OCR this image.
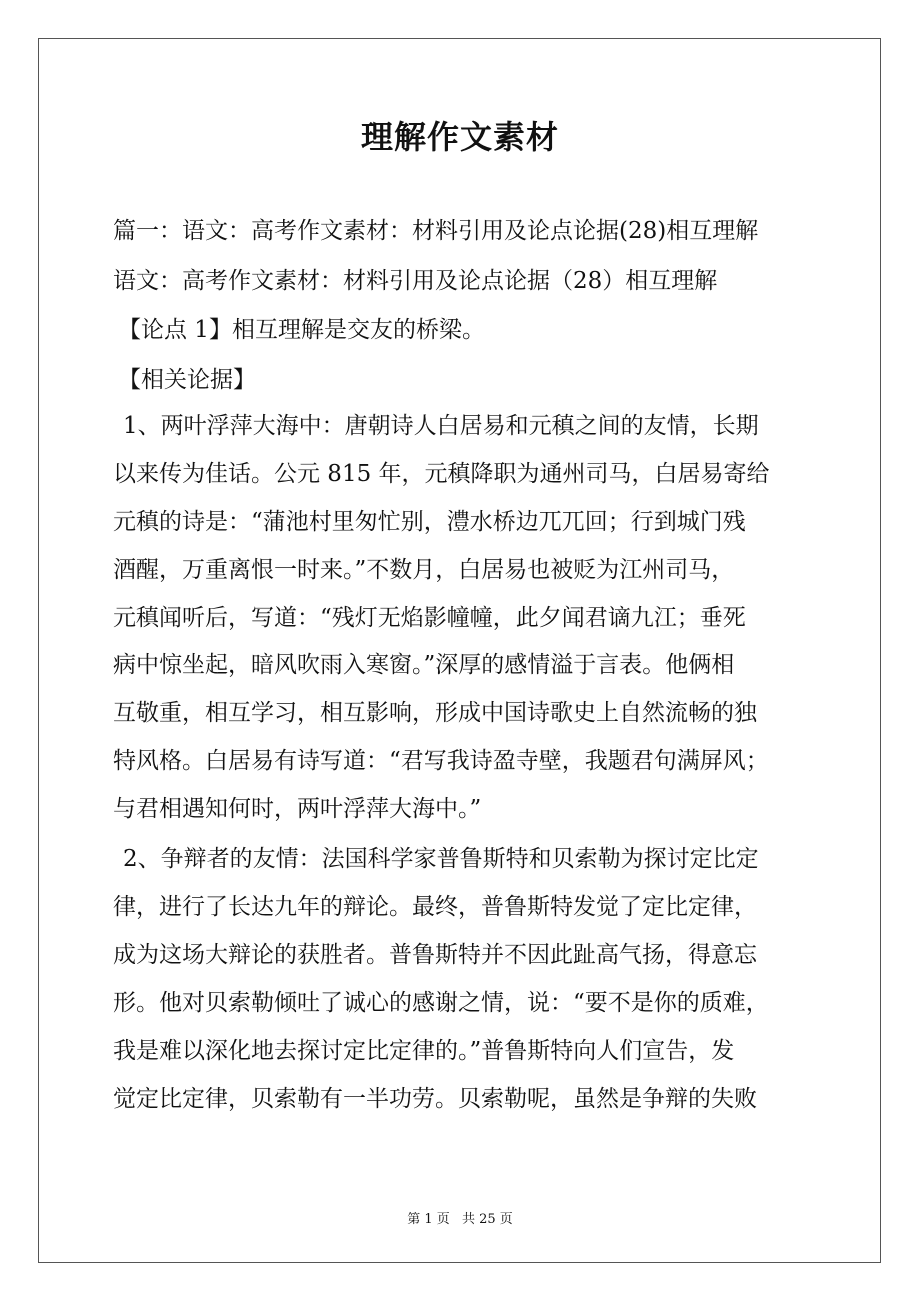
理解作文素材

篇一：语文：高考作文素材：材料引用及论点论据(28)相互理解

语文：高考作文素材：材料引用及论点论据（28）相互理解

【论点 1】相互理解是交友的桥梁。

【相关论据】

1、两叶浮萍大海中：唐朝诗人白居易和元稹之间的友情，长期

以来传为佳话。公元 815 年，元稹降职为通州司马，白居易寄给

元稹的诗是：“蒲池村里匆忙别，澧水桥边兀兀回；行到城门残

酒醒，万重离恨一时来。”不数月，白居易也被贬为江州司马，

元稹闻听后，写道：“残灯无焰影幢幢，此夕闻君谪九江；垂死

病中惊坐起，暗风吹雨入寒窗。”深厚的感情溢于言表。他俩相

互敬重，相互学习，相互影响，形成中国诗歌史上自然流畅的独

特风格。白居易有诗写道：“君写我诗盈寺壁，我题君句满屏风；

与君相遇知何时，两叶浮萍大海中。”

2、争辩者的友情：法国科学家普鲁斯特和贝索勒为探讨定比定

律，进行了长达九年的辩论。最终，普鲁斯特发觉了定比定律，

成为这场大辩论的获胜者。普鲁斯特并不因此趾高气扬，得意忘

形。他对贝索勒倾吐了诚心的感谢之情，说：“要不是你的质难，

我是难以深化地去探讨定比定律的。”普鲁斯特向人们宣告，发

觉定比定律，贝索勒有一半功劳。贝索勒呢，虽然是争辩的失败

第 1 页 共 25 页
